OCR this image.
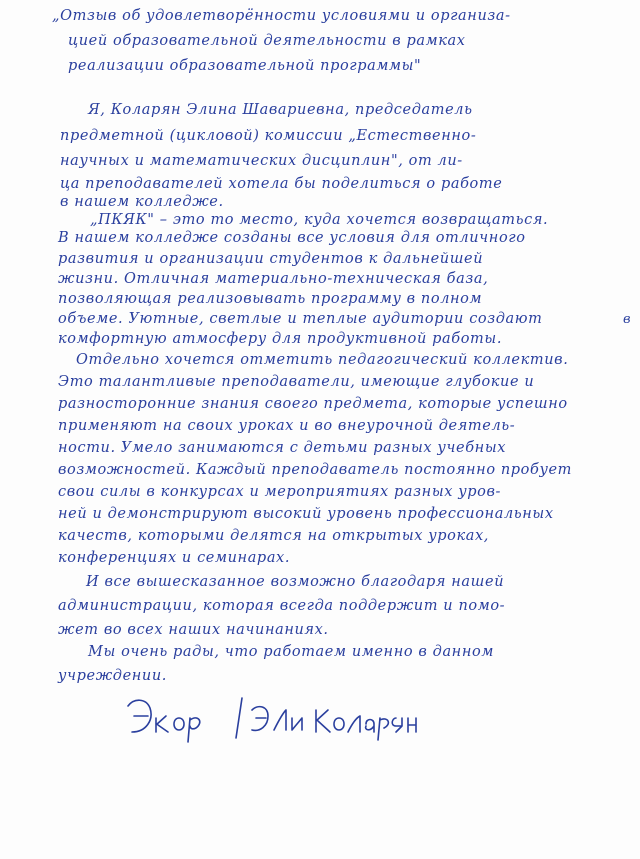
„Отзыв об удовлетворённости условиями и организа-
цией образовательной деятельности в рамках
реализации образовательной программы"
Я, Коларян Элина Шавариевна, председатель
предметной (цикловой) комиссии „Естественно-
научных и математических дисциплин", от ли-
ца преподавателей хотела бы поделиться о работе
в нашем колледже.
„ПКЯК" – это то место, куда хочется возвращаться.
В нашем колледже созданы все условия для отличного
развития и организации студентов к дальнейшей
жизни. Отличная материально-техническая база,
позволяющая реализовывать программу в полном
объеме. Уютные, светлые и теплые аудитории создают
комфортную атмосферу для продуктивной работы.
Отдельно хочется отметить педагогический коллектив.
Это талантливые преподаватели, имеющие глубокие и
разносторонние знания своего предмета, которые успешно
применяют на своих уроках и во внеурочной деятель-
ности. Умело занимаются с детьми разных учебных
возможностей. Каждый преподаватель постоянно пробует
свои силы в конкурсах и мероприятиях разных уров-
ней и демонстрируют высокий уровень профессиональных
качеств, которыми делятся на открытых уроках,
конференциях и семинарах.
И все вышесказанное возможно благодаря нашей
администрации, которая всегда поддержит и помо-
жет во всех наших начинаниях.
Мы очень рады, что работаем именно в данном
учреждении.
в
